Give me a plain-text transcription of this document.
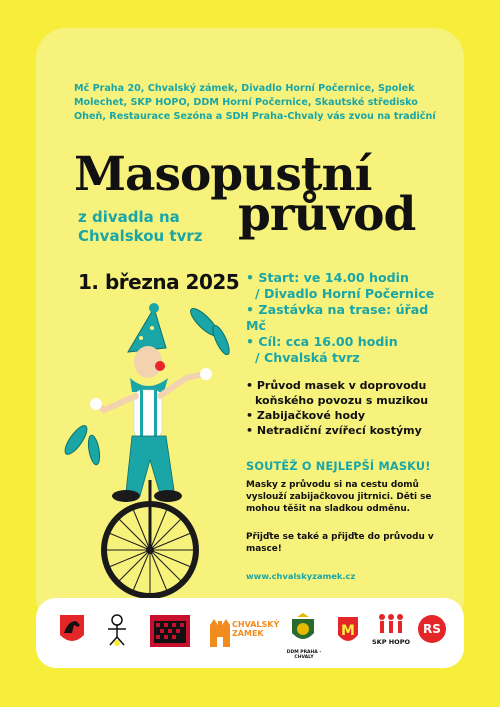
Mč Praha 20, Chvalský zámek, Divadlo Horní Počernice, Spolek Molechet, SKP HOPO, DDM Horní Počernice, Skautské středisko Oheň, Restaurace Sezóna a SDH Praha-Chvaly vás zvou na tradiční
Masopustní
průvod
z divadla na
Chvalskou tvrz
1. března 2025 • Start: ve 14.00 hodin
/ Divadlo Horní Počernice
• Zastávka na trase: úřad Mč
• Cíl: cca 16.00 hodin
/ Chvalská tvrz
• Průvod masek v doprovodu
koňského povozu s muzikou
• Zabijačkové hody
• Netradiční zvířecí kostýmy
SOUTĚŽ O NEJLEPŠÍ MASKU!
Masky z průvodu si na cestu domů vyslouží zabijačkovou jitrnici. Děti se mohou těšit na sladkou odměnu.
Přijďte se také a přijďte do průvodu v masce!
www.chvalskyzamek.cz
CHVALSKÝ
ZÁMEK
DDM PRAHA - CHVALY
M
SKP HOPO
RS
